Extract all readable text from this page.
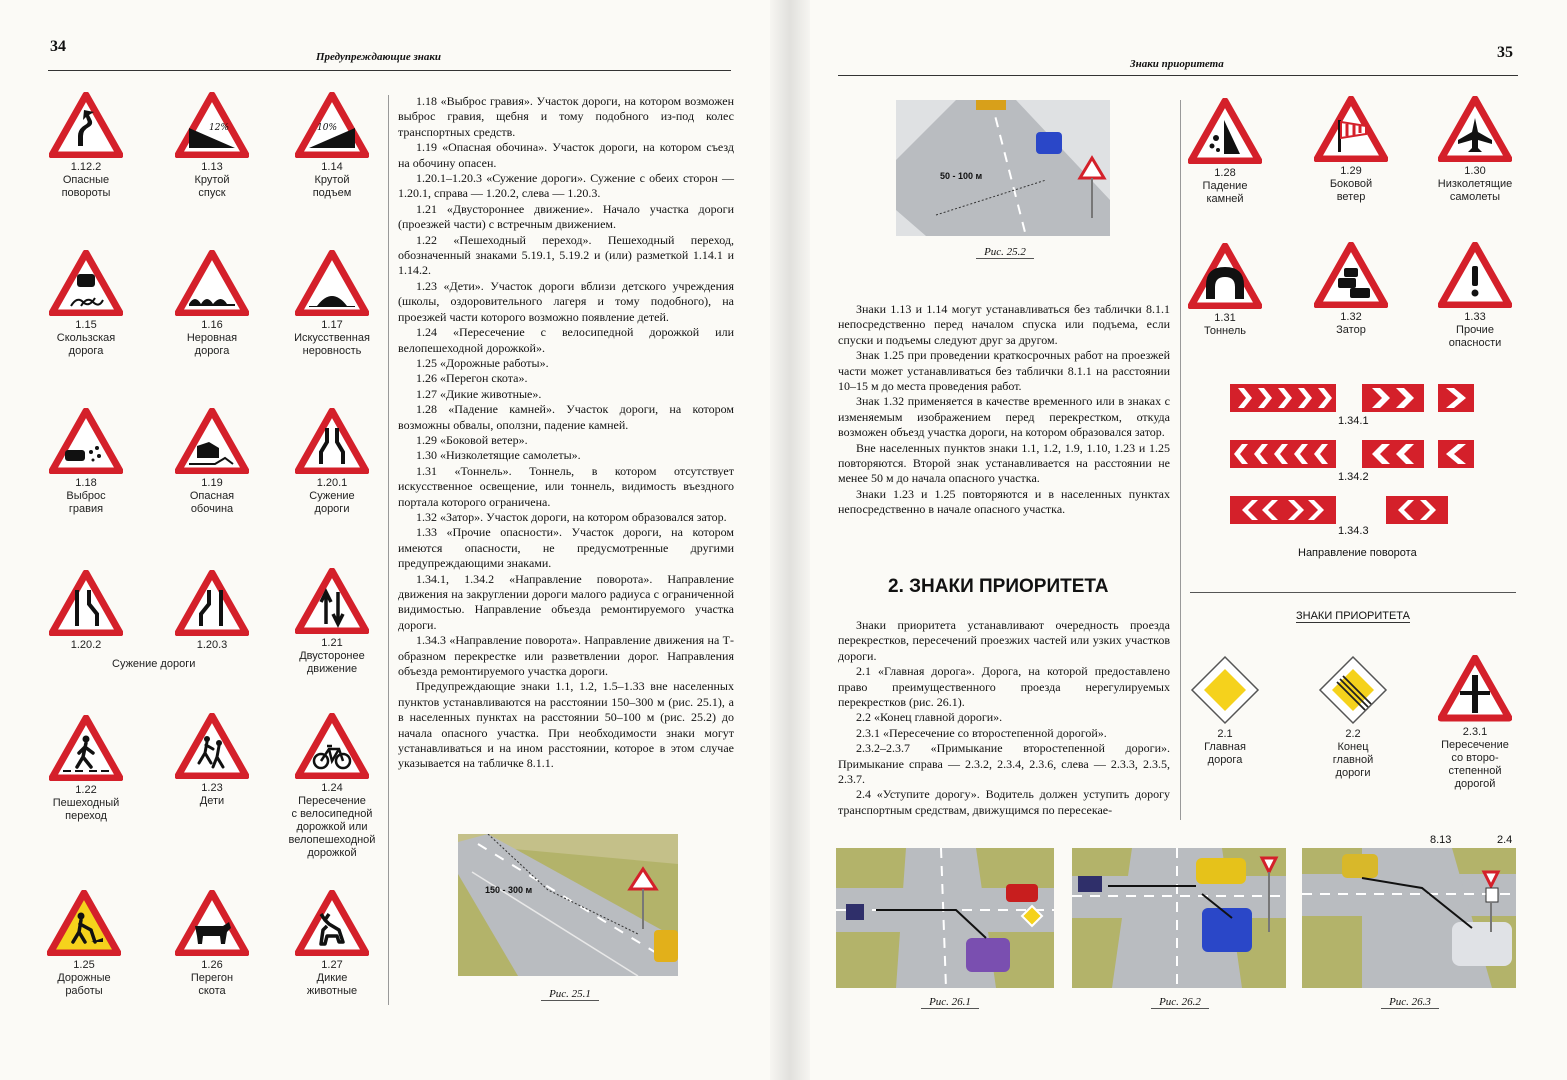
34
Предупреждающие знаки
1.12.2
Опасные
повороты
12%
1.13
Крутой
спуск
10%
1.14
Крутой
подъем
1.15
Скользская
дорога
1.16
Неровная
дорога
1.17
Искусственная
неровность
1.18
Выброс
гравия
1.19
Опасная
обочина
1.20.1
Сужение
дороги
1.20.2	1.20.3
Сужение дороги
1.21
Двусторонее
движение
1.22
Пешеходный
переход
1.23
Дети
1.24
Пересечение
с велосипедной
дорожкой или
велопешеходной
дорожкой
1.25
Дорожные
работы
1.26
Перегон
скота
1.27
Дикие
животные

1.18 «Выброс гравия». Участок дороги, на котором возможен выброс гравия, щебня и тому подобного из-под колес транспортных средств.

1.19 «Опасная обочина». Участок дороги, на котором съезд на обочину опасен.

1.20.1–1.20.3 «Сужение дороги». Сужение с обеих сторон — 1.20.1, справа — 1.20.2, слева — 1.20.3.

1.21 «Двустороннее движение». Начало участка дороги (проезжей части) с встречным движением.

1.22 «Пешеходный переход». Пешеходный переход, обозначенный знаками 5.19.1, 5.19.2 и (или) разметкой 1.14.1 и 1.14.2.

1.23 «Дети». Участок дороги вблизи детского учреждения (школы, оздоровительного лагеря и тому подобного), на проезжей части которого возможно появление детей.

1.24 «Пересечение с велосипедной дорожкой или велопешеходной дорожкой».

1.25 «Дорожные работы».

1.26 «Перегон скота».

1.27 «Дикие животные».

1.28 «Падение камней». Участок дороги, на котором возможны обвалы, оползни, падение камней.

1.29 «Боковой ветер».

1.30 «Низколетящие самолеты».

1.31 «Тоннель». Тоннель, в котором отсутствует искусственное освещение, или тоннель, видимость въездного портала которого ограничена.

1.32 «Затор». Участок дороги, на котором образовался затор.

1.33 «Прочие опасности». Участок дороги, на котором имеются опасности, не предусмотренные другими предупреждающими знаками.

1.34.1, 1.34.2 «Направление поворота». Направление движения на закруглении дороги малого радиуса с ограниченной видимостью. Направление объезда ремонтируемого участка дороги.

1.34.3 «Направление поворота». Направление движения на Т-образном перекрестке или разветвлении дорог. Направления объезда ремонтируемого участка дороги.

Предупреждающие знаки 1.1, 1.2, 1.5–1.33 вне населенных пунктов устанавливаются на расстоянии 150–300 м (рис. 25.1), а в населенных пунктах на расстоянии 50–100 м (рис. 25.2) до начала опасного участка. При необходимости знаки могут устанавливаться и на ином расстоянии, которое в этом случае указывается на табличке 8.1.1.

150 - 300 м
Рис. 25.1
35
Знаки приоритета
50 - 100 м
Рис. 25.2

Знаки 1.13 и 1.14 могут устанавливаться без таблички 8.1.1 непосредственно перед началом спуска или подъема, если спуски и подъемы следуют друг за другом.

Знак 1.25 при проведении краткосрочных работ на проезжей части может устанавливаться без таблички 8.1.1 на расстоянии 10–15 м до места проведения работ.

Знак 1.32 применяется в качестве временного или в знаках с изменяемым изображением перед перекрестком, откуда возможен объезд участка дороги, на котором образовался затор.

Вне населенных пунктов знаки 1.1, 1.2, 1.9, 1.10, 1.23 и 1.25 повторяются. Второй знак устанавливается на расстоянии не менее 50 м до начала опасного участка.

Знаки 1.23 и 1.25 повторяются и в населенных пунктах непосредственно в начале опасного участка.

2. ЗНАКИ ПРИОРИТЕТА

Знаки приоритета устанавливают очередность проезда перекрестков, пересечений проезжих частей или узких участков дороги.

2.1 «Главная дорога». Дорога, на которой предоставлено право преимущественного проезда нерегулируемых перекрестков (рис. 26.1).

2.2 «Конец главной дороги».

2.3.1 «Пересечение со второстепенной дорогой».

2.3.2–2.3.7 «Примыкание второстепенной дороги». Примыкание справа — 2.3.2, 2.3.4, 2.3.6, слева — 2.3.3, 2.3.5, 2.3.7.

2.4 «Уступите дорогу». Водитель должен уступить дорогу транспортным средствам, движущимся по пересекае-

1.28
Падение
камней
1.29
Боковой
ветер
1.30
Низколетящие
самолеты
1.31
Тоннель
1.32
Затор
1.33
Прочие
опасности
1.34.1
1.34.2
1.34.3
Направление поворота
ЗНАКИ ПРИОРИТЕТА
2.1
Главная
дорога
2.2
Конец
главной
дороги
2.3.1
Пересечение
со второ-
степенной
дорогой
Рис. 26.1	Рис. 26.2
8.13	2.4
Рис. 26.3
